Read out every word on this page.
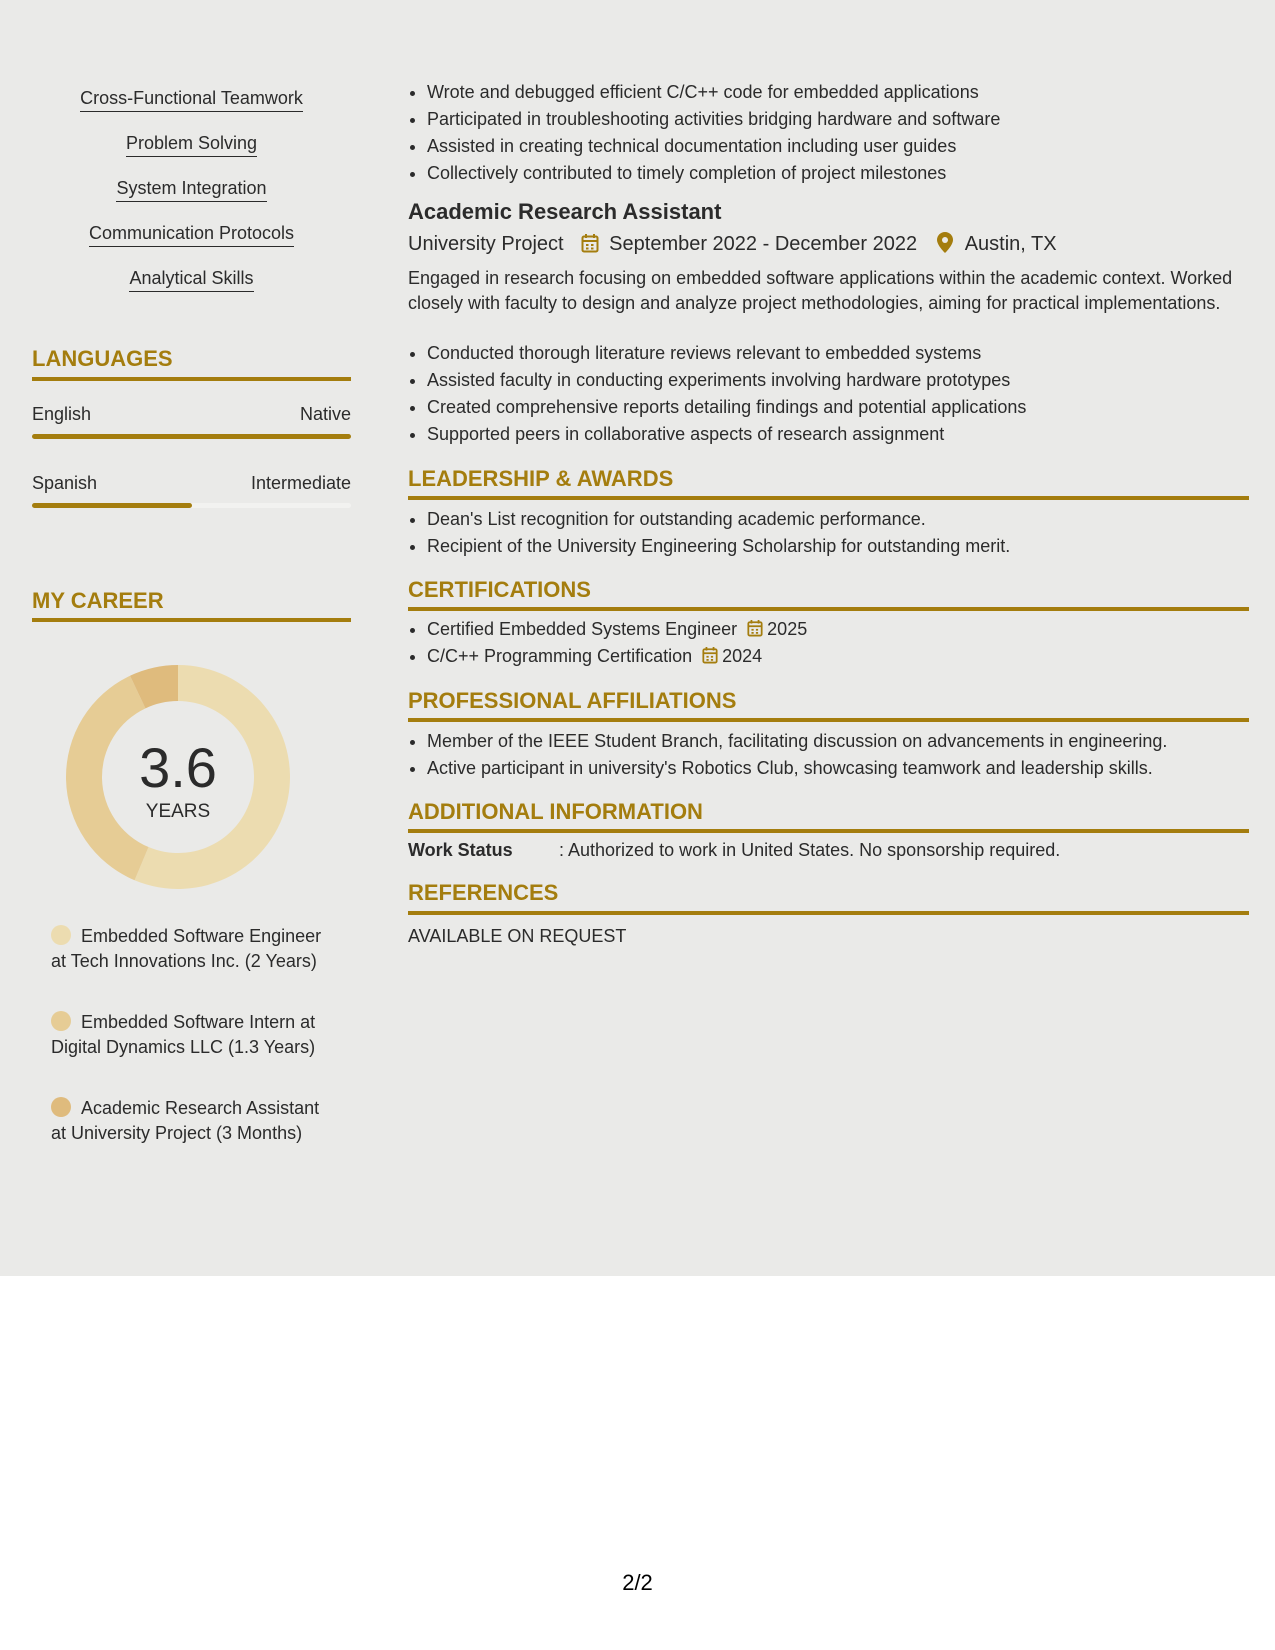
Cross-Functional Teamwork
Problem Solving
System Integration
Communication Protocols
Analytical Skills
LANGUAGES
English	Native
Spanish	Intermediate
MY CAREER
3.6
YEARS
Embedded Software Engineer at Tech Innovations Inc. (2 Years)
Embedded Software Intern at Digital Dynamics LLC (1.3 Years)
Academic Research Assistant at University Project (3 Months)
• Wrote and debugged efficient C/C++ code for embedded applications
• Participated in troubleshooting activities bridging hardware and software
• Assisted in creating technical documentation including user guides
• Collectively contributed to timely completion of project milestones
Academic Research Assistant
University Project September 2022 - December 2022 Austin, TX
Engaged in research focusing on embedded software applications within the academic context. Worked closely with faculty to design and analyze project methodologies, aiming for practical implementations.
• Conducted thorough literature reviews relevant to embedded systems
• Assisted faculty in conducting experiments involving hardware prototypes
• Created comprehensive reports detailing findings and potential applications
• Supported peers in collaborative aspects of research assignment
LEADERSHIP & AWARDS
• Dean's List recognition for outstanding academic performance.
• Recipient of the University Engineering Scholarship for outstanding merit.
CERTIFICATIONS
• Certified Embedded Systems Engineer 2025
• C/C++ Programming Certification 2024
PROFESSIONAL AFFILIATIONS
• Member of the IEEE Student Branch, facilitating discussion on advancements in engineering.
• Active participant in university's Robotics Club, showcasing teamwork and leadership skills.
ADDITIONAL INFORMATION
Work Status	: Authorized to work in United States. No sponsorship required.
REFERENCES
AVAILABLE ON REQUEST
2/2
